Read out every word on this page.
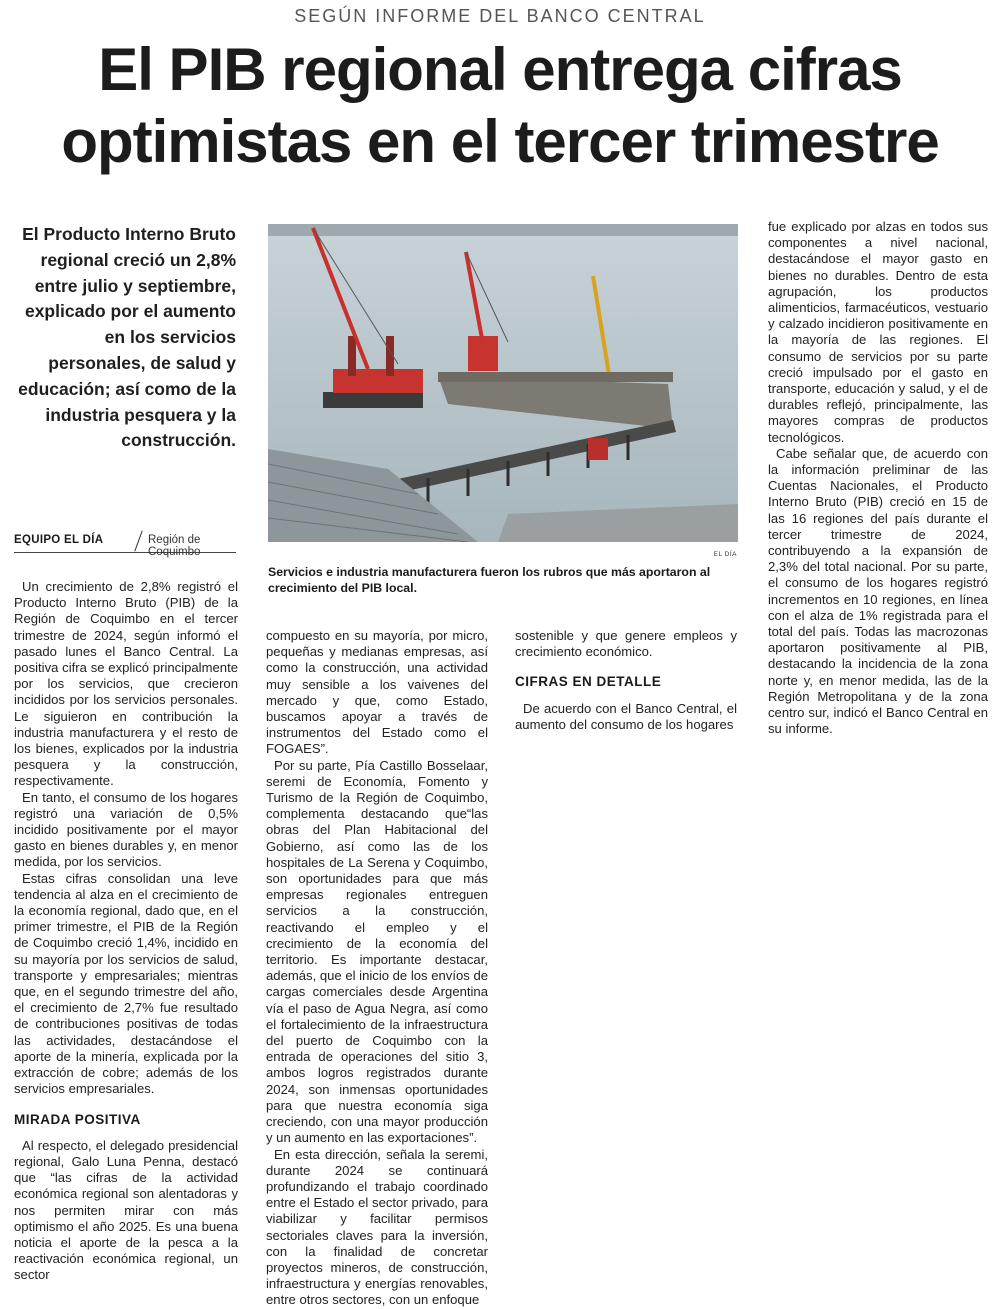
SEGÚN INFORME DEL BANCO CENTRAL
El PIB regional entrega cifras
optimistas en el tercer trimestre
El Producto Interno Bruto regional creció un 2,8% entre julio y septiembre, explicado por el aumento en los servicios personales, de salud y educación; así como de la industria pesquera y la construcción.
EQUIPO EL DÍA	Región de Coquimbo	EL DÍA
Servicios e industria manufacturera fueron los rubros que más aportaron al crecimiento del PIB local.

Un crecimiento de 2,8% registró el Producto Interno Bruto (PIB) de la Región de Coquimbo en el tercer trimestre de 2024, según informó el pasado lunes el Banco Central. La positiva cifra se explicó principalmente por los servicios, que crecieron incididos por los servicios personales. Le siguieron en contribución la industria manufacturera y el resto de los bienes, explicados por la industria pesquera y la construcción, respectivamente.

En tanto, el consumo de los hogares registró una variación de 0,5% incidido positivamente por el mayor gasto en bienes durables y, en menor medida, por los servicios.

Estas cifras consolidan una leve tendencia al alza en el crecimiento de la economía regional, dado que, en el primer trimestre, el PIB de la Región de Coquimbo creció 1,4%, incidido en su mayoría por los servicios de salud, transporte y empresariales; mientras que, en el segundo trimestre del año, el crecimiento de 2,7% fue resultado de contribuciones positivas de todas las actividades, destacándose el aporte de la minería, explicada por la extracción de cobre; además de los servicios empresariales.

MIRADA POSITIVA

Al respecto, el delegado presidencial regional, Galo Luna Penna, destacó que “las cifras de la actividad económica regional son alentadoras y nos permiten mirar con más optimismo el año 2025. Es una buena noticia el aporte de la pesca a la reactivación económica regional, un sector

compuesto en su mayoría, por micro, pequeñas y medianas empresas, así como la construcción, una actividad muy sensible a los vaivenes del mercado y que, como Estado, buscamos apoyar a través de instrumentos del Estado como el FOGAES”.

Por su parte, Pía Castillo Bosselaar, seremi de Economía, Fomento y Turismo de la Región de Coquimbo, complementa destacando que“las obras del Plan Habitacional del Gobierno, así como las de los hospitales de La Serena y Coquimbo, son oportunidades para que más empresas regionales entreguen servicios a la construcción, reactivando el empleo y el crecimiento de la economía del territorio. Es importante destacar, además, que el inicio de los envíos de cargas comerciales desde Argentina vía el paso de Agua Negra, así como el fortalecimiento de la infraestructura del puerto de Coquimbo con la entrada de operaciones del sitio 3, ambos logros registrados durante 2024, son inmensas oportunidades para que nuestra economía siga creciendo, con una mayor producción y un aumento en las exportaciones”.

En esta dirección, señala la seremi, durante 2024 se continuará profundizando el trabajo coordinado entre el Estado el sector privado, para viabilizar y facilitar permisos sectoriales claves para la inversión, con la finalidad de concretar proyectos mineros, de construcción, infraestructura y energías renovables, entre otros sectores, con un enfoque

sostenible y que genere empleos y crecimiento económico.

CIFRAS EN DETALLE

De acuerdo con el Banco Central, el aumento del consumo de los hogares

fue explicado por alzas en todos sus componentes a nivel nacional, destacándose el mayor gasto en bienes no durables. Dentro de esta agrupación, los productos alimenticios, farmacéuticos, vestuario y calzado incidieron positivamente en la mayoría de las regiones. El consumo de servicios por su parte creció impulsado por el gasto en transporte, educación y salud, y el de durables reflejó, principalmente, las mayores compras de productos tecnológicos.

Cabe señalar que, de acuerdo con la información preliminar de las Cuentas Nacionales, el Producto Interno Bruto (PIB) creció en 15 de las 16 regiones del país durante el tercer trimestre de 2024, contribuyendo a la expansión de 2,3% del total nacional. Por su parte, el consumo de los hogares registró incrementos en 10 regiones, en línea con el alza de 1% registrada para el total del país. Todas las macrozonas aportaron positivamente al PIB, destacando la incidencia de la zona norte y, en menor medida, las de la Región Metropolitana y de la zona centro sur, indicó el Banco Central en su informe.
